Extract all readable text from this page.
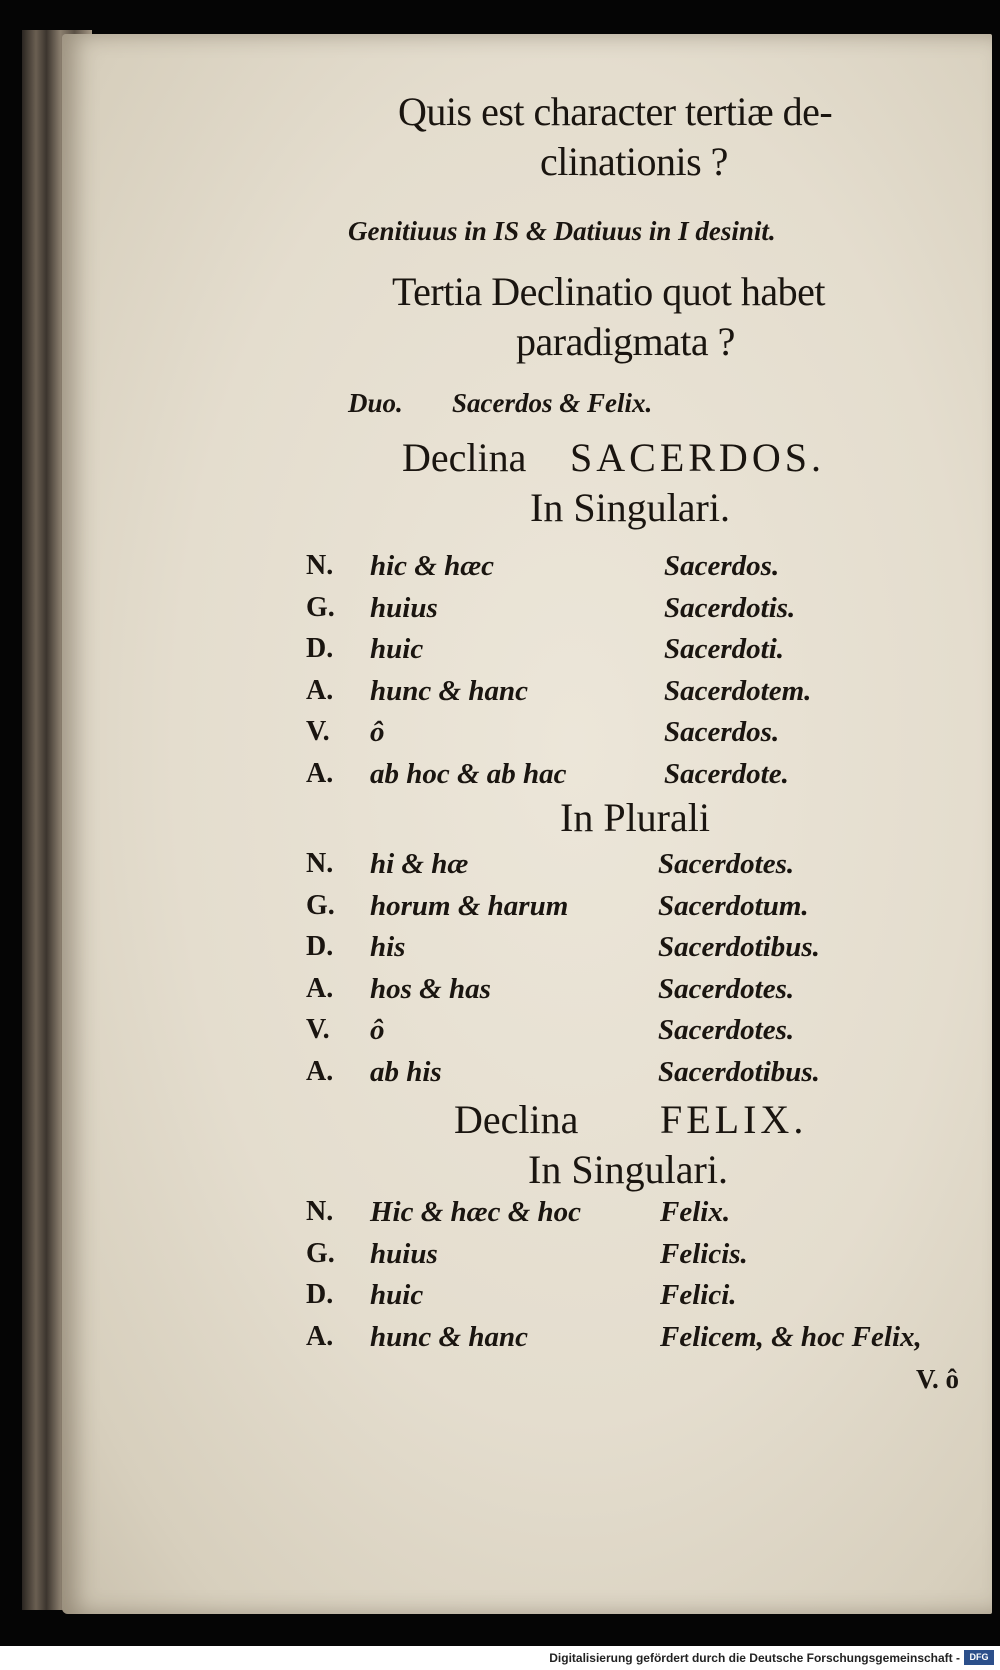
Quis est character tertiæ de-
clinationis ?
Genitiuus in IS & Datiuus in I desinit.
Tertia Declinatio quot habet
paradigmata ?
Duo. Sacerdos & Felix.
Declina SACERDOS.
In Singulari.
N. hic & hæc	Sacerdos.
G. huius	Sacerdotis.
D. huic	Sacerdoti.
A. hunc & hanc	Sacerdotem.
V. ô	Sacerdos.
A. ab hoc & ab hac	Sacerdote.
In Plurali
N. hi & hæ	Sacerdotes.
G. horum & harum	Sacerdotum.
D. his	Sacerdotibus.
A. hos & has	Sacerdotes.
V. ô	Sacerdotes.
A. ab his	Sacerdotibus.
Declina FELIX.
In Singulari.
N. Hic & hæc & hoc	Felix.
G. huius	Felicis.
D. huic	Felici.
A. hunc & hanc	Felicem, & hoc Felix,
V. ô
Digitalisierung gefördert durch die Deutsche Forschungsgemeinschaft -	DFG
